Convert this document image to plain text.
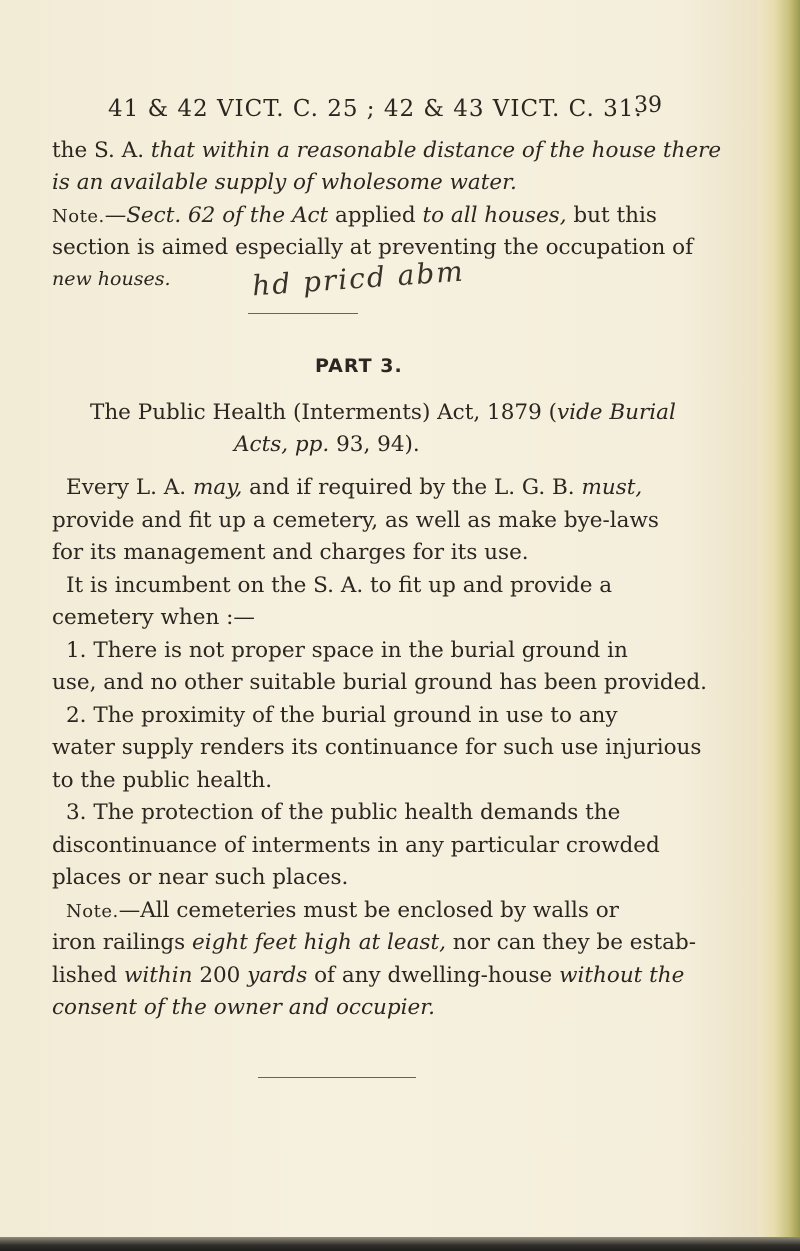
41 & 42 VICT. C. 25 ; 42 & 43 VICT. C. 31.
39
the S. A. that within a reasonable distance of the house there
is an available supply of wholesome water.
Note.—Sect. 62 of the Act applied to all houses, but this
section is aimed especially at preventing the occupation of
new houses.	hd pricd abm
PART 3.
The Public Health (Interments) Act, 1879 (vide Burial
Acts, pp. 93, 94).
Every L. A. may, and if required by the L. G. B. must,
provide and fit up a cemetery, as well as make bye-laws
for its management and charges for its use.
It is incumbent on the S. A. to fit up and provide a
cemetery when :—
1. There is not proper space in the burial ground in
use, and no other suitable burial ground has been provided.
2. The proximity of the burial ground in use to any
water supply renders its continuance for such use injurious
to the public health.
3. The protection of the public health demands the
discontinuance of interments in any particular crowded
places or near such places.
Note.—All cemeteries must be enclosed by walls or
iron railings eight feet high at least, nor can they be estab-
lished within 200 yards of any dwelling-house without the
consent of the owner and occupier.
